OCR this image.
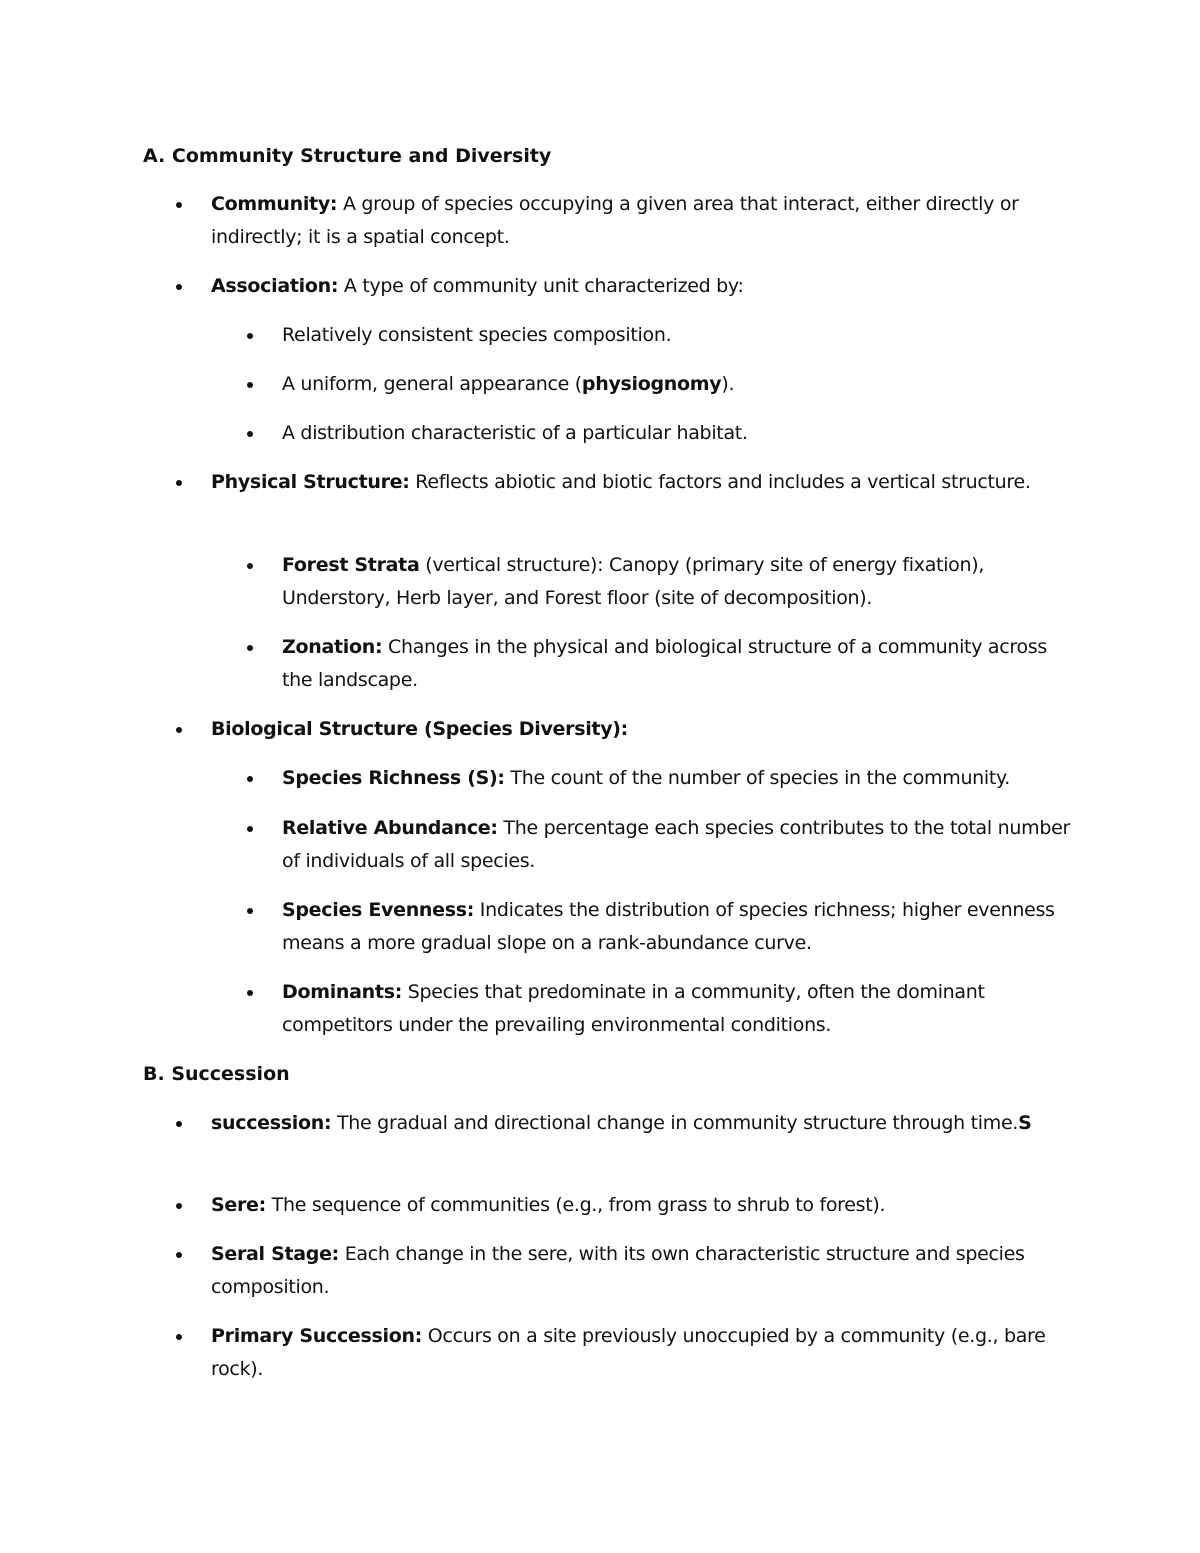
A. Community Structure and Diversity
Community: A group of species occupying a given area that interact, either directly or indirectly; it is a spatial concept.
Association: A type of community unit characterized by:
Relatively consistent species composition.
A uniform, general appearance (physiognomy).
A distribution characteristic of a particular habitat.
Physical Structure: Reflects abiotic and biotic factors and includes a vertical structure.
Forest Strata (vertical structure): Canopy (primary site of energy fixation), Understory, Herb layer, and Forest floor (site of decomposition).
Zonation: Changes in the physical and biological structure of a community across the landscape.
Biological Structure (Species Diversity):
Species Richness (S): The count of the number of species in the community.
Relative Abundance: The percentage each species contributes to the total number of individuals of all species.
Species Evenness: Indicates the distribution of species richness; higher evenness means a more gradual slope on a rank-abundance curve.
Dominants: Species that predominate in a community, often the dominant competitors under the prevailing environmental conditions.
B. Succession
succession: The gradual and directional change in community structure through time.S
Sere: The sequence of communities (e.g., from grass to shrub to forest).
Seral Stage: Each change in the sere, with its own characteristic structure and species composition.
Primary Succession: Occurs on a site previously unoccupied by a community (e.g., bare rock).
